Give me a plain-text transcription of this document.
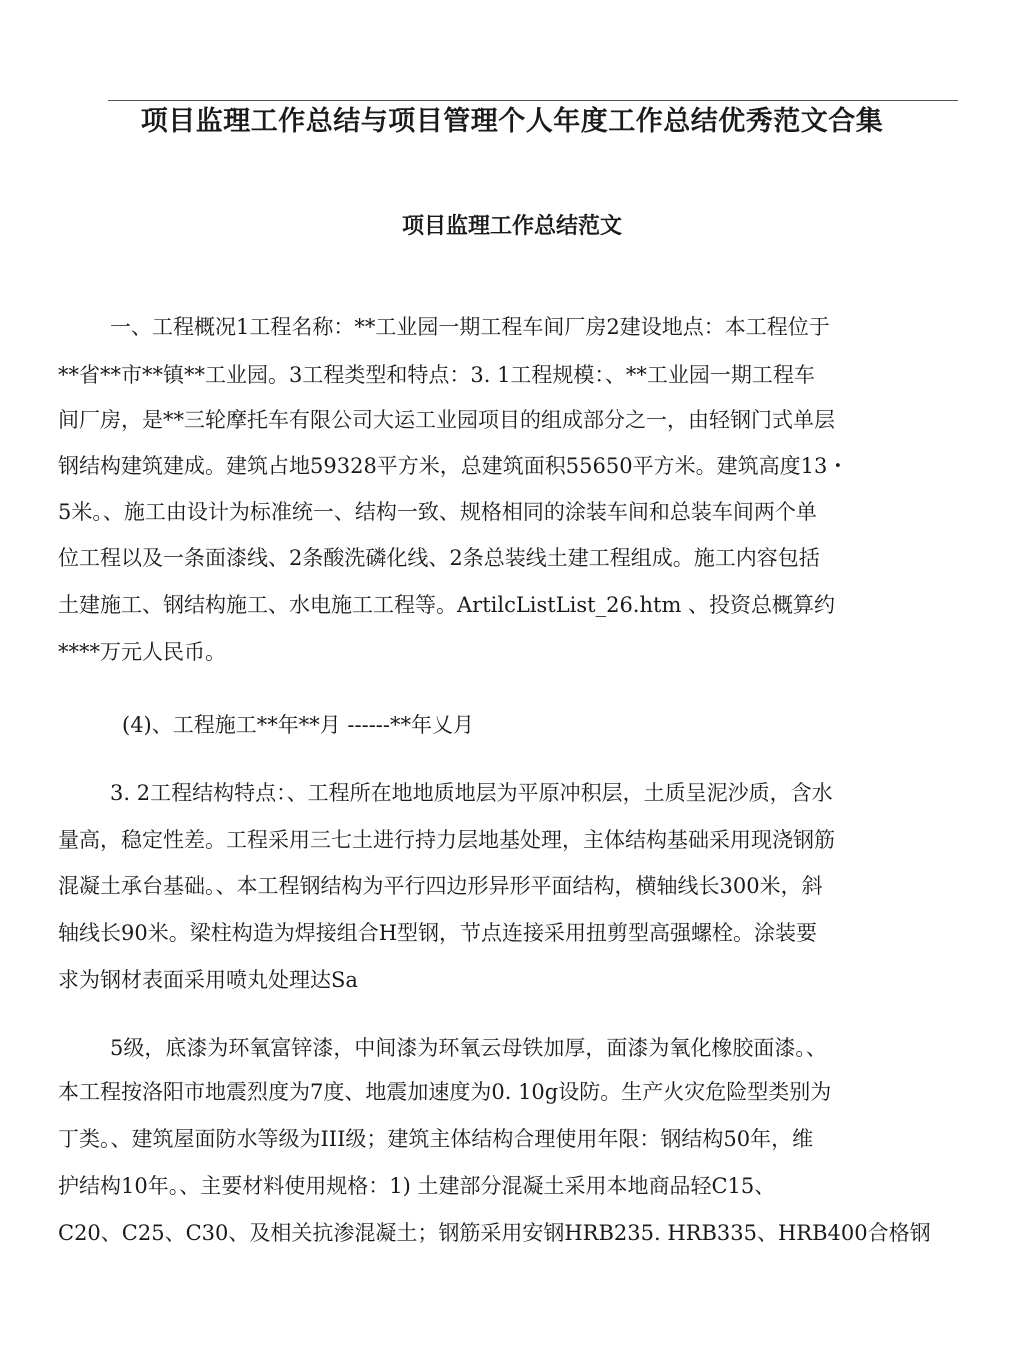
项目监理工作总结与项目管理个人年度工作总结优秀范文合集
项目监理工作总结范文

一、工程概况1工程名称：**工业园一期工程车间厂房2建设地点：本工程位于

**省**市**镇**工业园。3工程类型和特点：3. 1工程规模：、**工业园一期工程车

间厂房，是**三轮摩托车有限公司大运工业园项目的组成部分之一，由轻钢门式单层

钢结构建筑建成。建筑占地59328平方米，总建筑面积55650平方米。建筑高度13・

5米。、施工由设计为标准统一、结构一致、规格相同的涂装车间和总装车间两个单

位工程以及一条面漆线、2条酸洗磷化线、2条总装线土建工程组成。施工内容包括

土建施工、钢结构施工、水电施工工程等。ArtilcListList_26.htm 、投资总概算约

****万元人民币。

(4)、工程施工**年**月 ------**年乂月

3. 2工程结构特点：、工程所在地地质地层为平原冲积层，土质呈泥沙质，含水

量高，稳定性差。工程采用三七土进行持力层地基处理，主体结构基础采用现浇钢筋

混凝土承台基础。、本工程钢结构为平行四边形异形平面结构，横轴线长300米，斜

轴线长90米。梁柱构造为焊接组合H型钢，节点连接采用扭剪型高强螺栓。涂装要

求为钢材表面采用喷丸处理达Sa

5级，底漆为环氧富锌漆，中间漆为环氧云母铁加厚，面漆为氧化橡胶面漆。、

本工程按洛阳市地震烈度为7度、地震加速度为0. 10g设防。生产火灾危险型类别为

丁类。、建筑屋面防水等级为III级；建筑主体结构合理使用年限：钢结构50年，维

护结构10年。、主要材料使用规格：1) 土建部分混凝土采用本地商品轻C15、

C20、C25、C30、及相关抗渗混凝土；钢筋采用安钢HRB235. HRB335、HRB400合格钢
